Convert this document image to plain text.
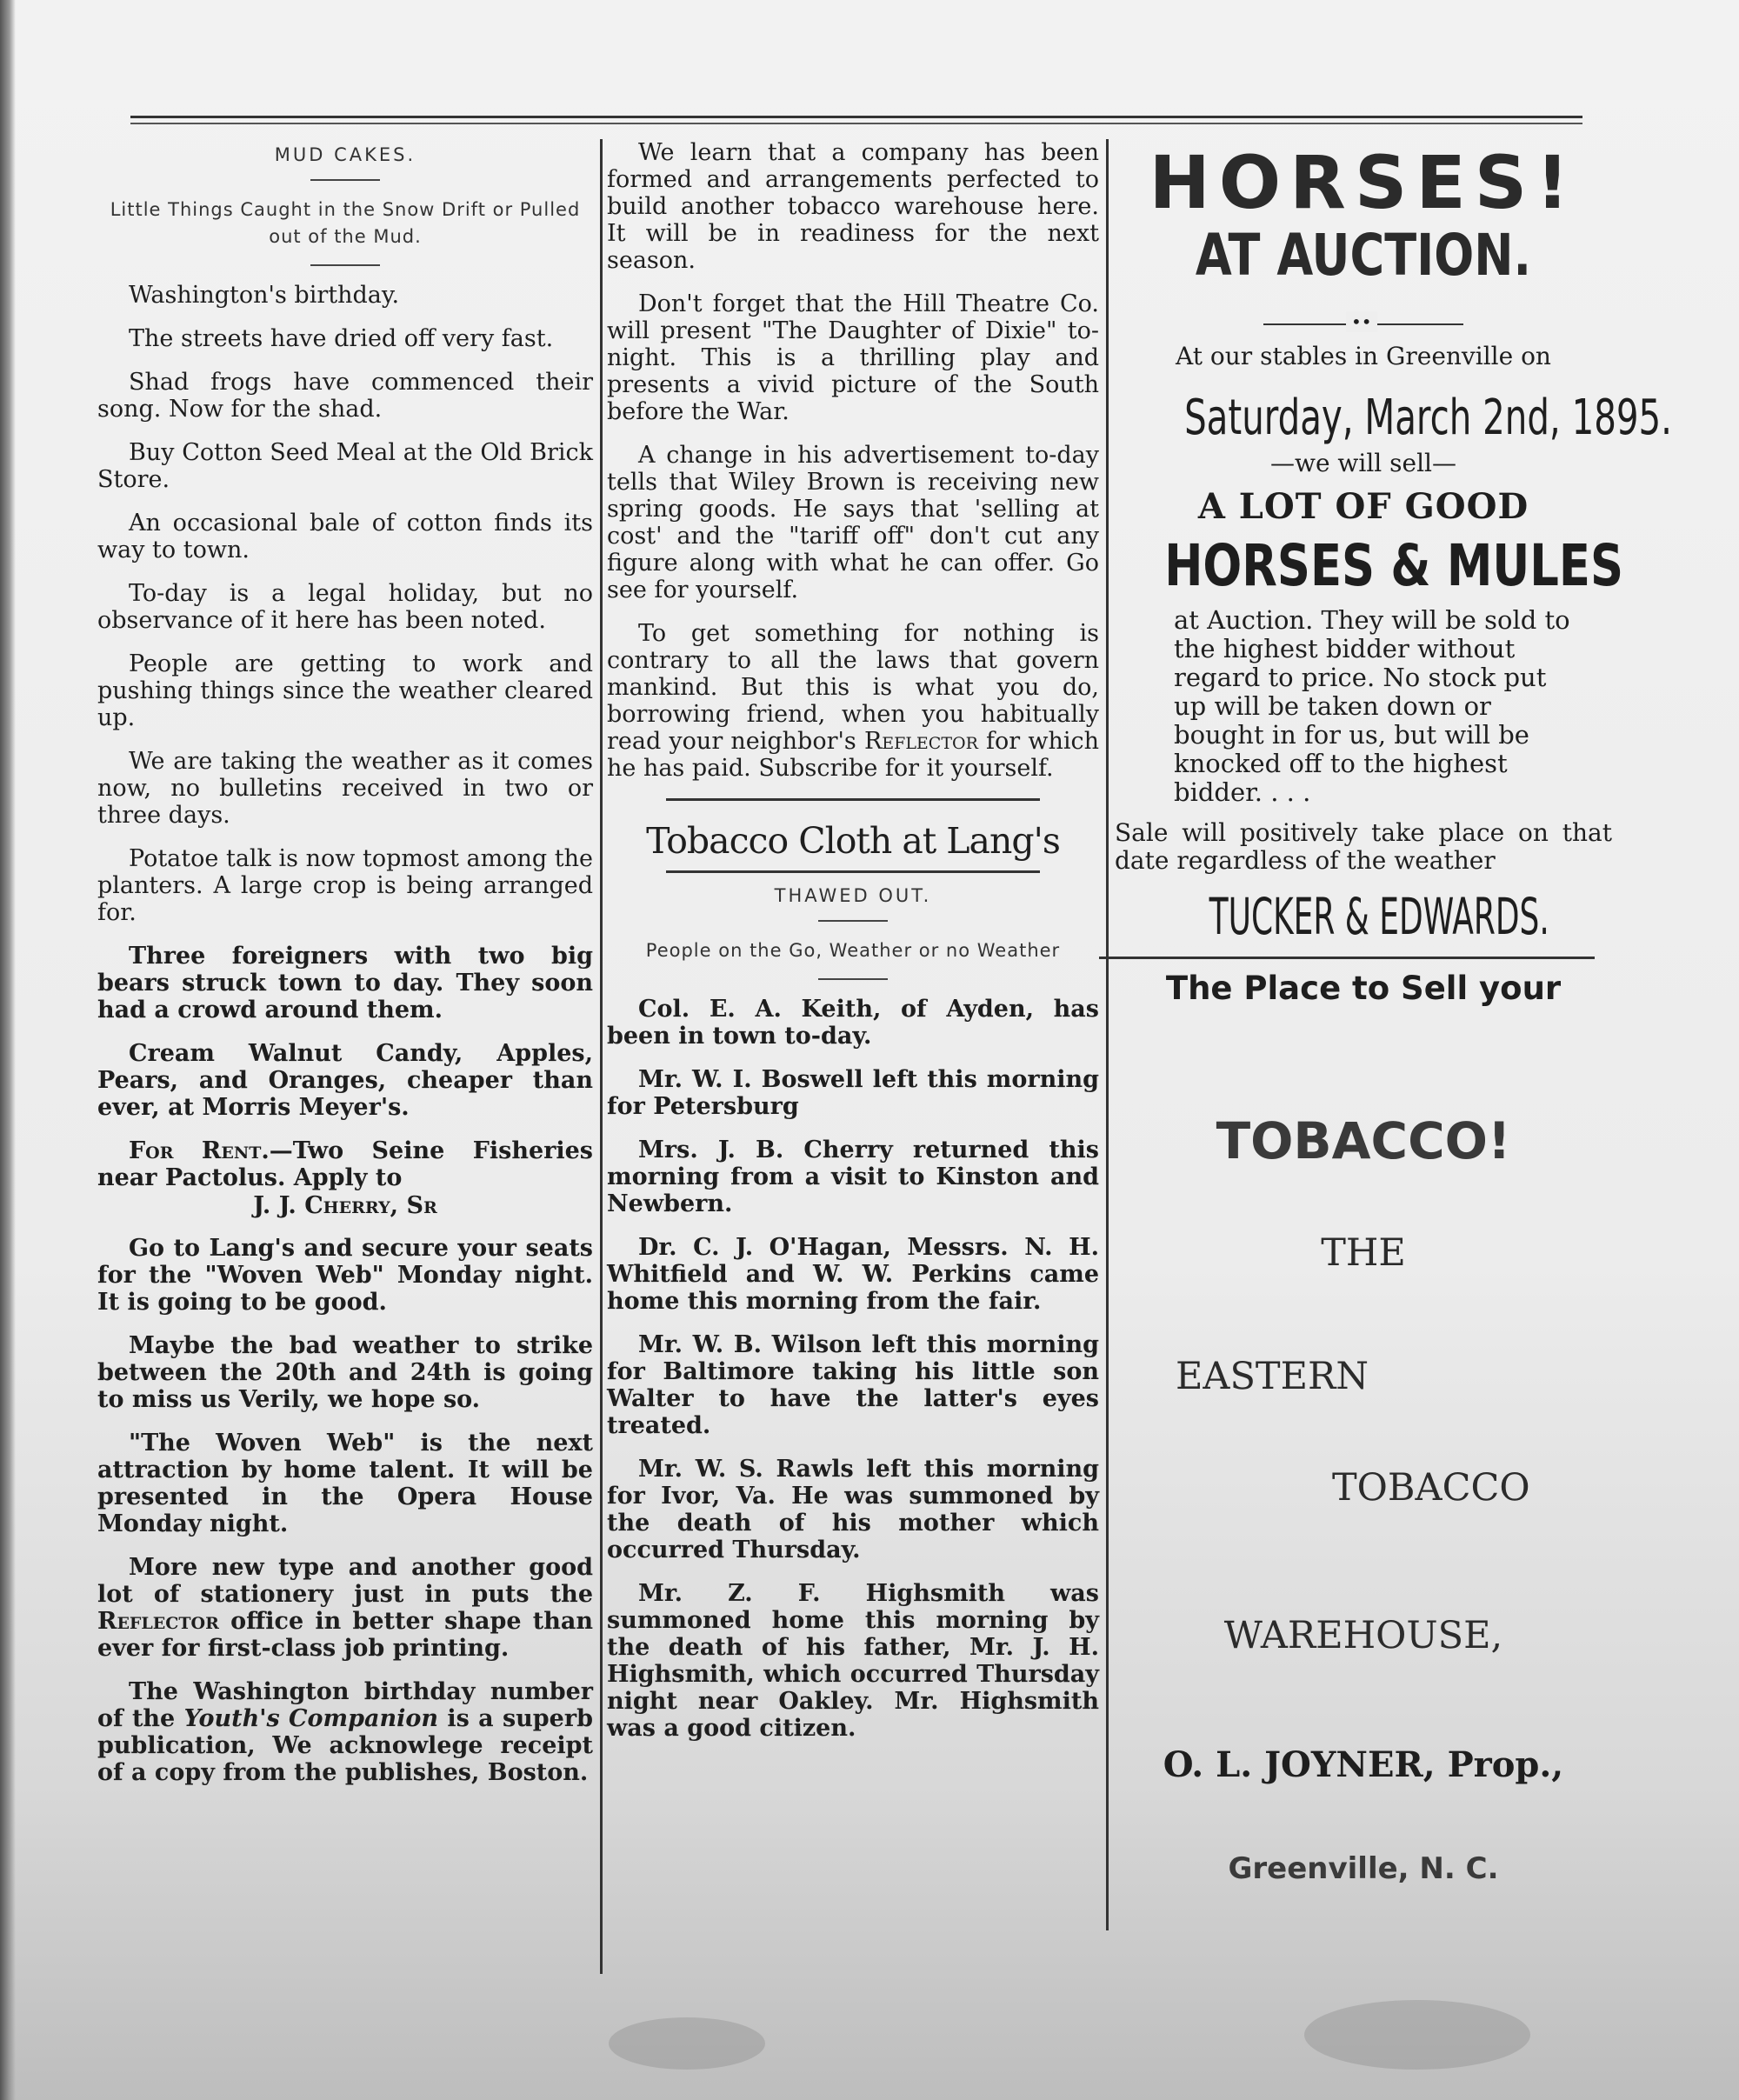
MUD CAKES.
Little Things Caught in the Snow Drift or Pulled out of the Mud.

Washington's birthday.

The streets have dried off very fast.

Shad frogs have commenced their song. Now for the shad.

Buy Cotton Seed Meal at the Old Brick Store.

An occasional bale of cotton finds its way to town.

To-day is a legal holiday, but no observance of it here has been noted.

People are getting to work and pushing things since the weather cleared up.

We are taking the weather as it comes now, no bulletins received in two or three days.

Potatoe talk is now topmost among the planters. A large crop is being arranged for.

Three foreigners with two big bears struck town to day. They soon had a crowd around them.

Cream Walnut Candy, Apples, Pears, and Oranges, cheaper than ever, at Morris Meyer's.

For Rent.—Two Seine Fisheries near Pactolus. Apply to

J. J. Cherry, Sr

Go to Lang's and secure your seats for the "Woven Web" Monday night. It is going to be good.

Maybe the bad weather to strike between the 20th and 24th is going to miss us Verily, we hope so.

"The Woven Web" is the next attraction by home talent. It will be presented in the Opera House Monday night.

More new type and another good lot of stationery just in puts the Reflector office in better shape than ever for first-class job printing.

The Washington birthday number of the Youth's Companion is a superb publication, We acknowlege receipt of a copy from the publishes, Boston.

We learn that a company has been formed and arrangements perfected to build another tobacco warehouse here. It will be in readiness for the next season.

Don't forget that the Hill Theatre Co. will present "The Daughter of Dixie" to-night. This is a thrilling play and presents a vivid picture of the South before the War.

A change in his advertisement to-day tells that Wiley Brown is receiving new spring goods. He says that 'selling at cost' and the "tariff off" don't cut any figure along with what he can offer. Go see for yourself.

To get something for nothing is contrary to all the laws that govern mankind. But this is what you do, borrowing friend, when you habitually read your neighbor's Reflector for which he has paid. Subscribe for it yourself.

Tobacco Cloth at Lang's
THAWED OUT.
People on the Go, Weather or no Weather

Col. E. A. Keith, of Ayden, has been in town to-day.

Mr. W. I. Boswell left this morning for Petersburg

Mrs. J. B. Cherry returned this morning from a visit to Kinston and Newbern.

Dr. C. J. O'Hagan, Messrs. N. H. Whitfield and W. W. Perkins came home this morning from the fair.

Mr. W. B. Wilson left this morning for Baltimore taking his little son Walter to have the latter's eyes treated.

Mr. W. S. Rawls left this morning for Ivor, Va. He was summoned by the death of his mother which occurred Thursday.

Mr. Z. F. Highsmith was summoned home this morning by the death of his father, Mr. J. H. Highsmith, which occurred Thursday night near Oakley. Mr. Highsmith was a good citizen.

HORSES!
AT AUCTION.
••
At our stables in Greenville on
Saturday, March 2nd, 1895.
—we will sell—
A LOT OF GOOD
HORSES & MULES
at Auction. They will be sold to the highest bidder without regard to price. No stock put up will be taken down or bought in for us, but will be knocked off to the highest bidder. . . .
Sale will positively take place on that date regardless of the weather
TUCKER & EDWARDS.
The Place to Sell your
TOBACCO!
THE
EASTERN
TOBACCO
WAREHOUSE,
O. L. JOYNER, Prop.,
Greenville, N. C.
